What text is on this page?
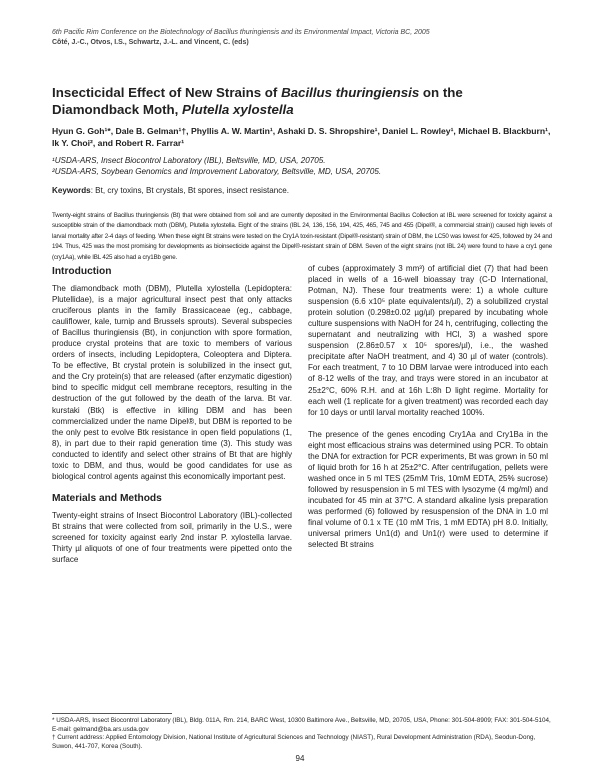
6th Pacific Rim Conference on the Biotechnology of Bacillus thuringiensis and its Environmental Impact, Victoria BC, 2005
Côté, J.-C., Otvos, I.S., Schwartz, J.-L. and Vincent, C. (eds)
Insecticidal Effect of New Strains of Bacillus thuringiensis on the Diamondback Moth, Plutella xylostella
Hyun G. Goh¹*, Dale B. Gelman¹†, Phyllis A. W. Martin¹, Ashaki D. S. Shropshire¹, Daniel L. Rowley¹, Michael B. Blackburn¹, Ik Y. Choi², and Robert R. Farrar¹
¹USDA-ARS, Insect Biocontrol Laboratory (IBL), Beltsville, MD, USA, 20705.
²USDA-ARS, Soybean Genomics and Improvement Laboratory, Beltsville, MD, USA, 20705.
Keywords: Bt, cry toxins, Bt crystals, Bt spores, insect resistance.
Twenty-eight strains of Bacillus thuringiensis (Bt) that were obtained from soil and are currently deposited in the Environmental Bacillus Collection at IBL were screened for toxicity against a susceptible strain of the diamondback moth (DBM), Plutella xylostella. Eight of the strains (IBL 24, 136, 156, 194, 425, 465, 745 and 455 (Dipel®, a commercial strain)) caused high levels of larval mortality after 2-4 days of feeding. When these eight Bt strains were tested on the Cry1A toxin-resistant (Dipel®-resistant) strain of DBM, the LC50 was lowest for 425, followed by 24 and 194. Thus, 425 was the most promising for developments as bioinsecticide against the Dipel®-resistant strain of DBM. Seven of the eight strains (not IBL 24) were found to have a cry1 gene (cry1Aa), while IBL 425 also had a cry1Bb gene.
Introduction

The diamondback moth (DBM), Plutella xylostella (Lepidoptera: Plutellidae), is a major agricultural insect pest that only attacks cruciferous plants in the family Brassicaceae (eg., cabbage, cauliflower, kale, turnip and Brussels sprouts). Several subspecies of Bacillus thuringiensis (Bt), in conjunction with spore formation, produce crystal proteins that are toxic to members of various orders of insects, including Lepidoptera, Coleoptera and Diptera. To be effective, Bt crystal protein is solubilized in the insect gut, and the Cry protein(s) that are released (after enzymatic digestion) bind to specific midgut cell membrane receptors, resulting in the destruction of the gut followed by the death of the larva. Bt var. kurstaki (Btk) is effective in killing DBM and has been commercialized under the name Dipel®, but DBM is reported to be the only pest to evolve Btk resistance in open field populations (1, 8), in part due to their rapid generation time (3). This study was conducted to identify and select other strains of Bt that are highly toxic to DBM, and thus, would be good candidates for use as biological control agents against this economically important pest.

Materials and Methods

Twenty-eight strains of Insect Biocontrol Laboratory (IBL)-collected Bt strains that were collected from soil, primarily in the U.S., were screened for toxicity against early 2nd instar P. xylostella larvae. Thirty µl aliquots of one of four treatments were pipetted onto the surface

of cubes (approximately 3 mm³) of artificial diet (7) that had been placed in wells of a 16-well bioassay tray (C-D International, Potman, NJ). These four treatments were: 1) a whole culture suspension (6.6 x10⁵ plate equivalents/µl), 2) a solubilized crystal protein solution (0.298±0.02 µg/µl) prepared by incubating whole culture suspensions with NaOH for 24 h, centrifuging, collecting the supernatant and neutralizing with HCl, 3) a washed spore suspension (2.86±0.57 x 10⁵ spores/µl), i.e., the washed precipitate after NaOH treatment, and 4) 30 µl of water (controls). For each treatment, 7 to 10 DBM larvae were introduced into each of 8-12 wells of the tray, and trays were stored in an incubator at 25±2°C, 60% R.H. and at 16h L:8h D light regime. Mortality for each well (1 replicate for a given treatment) was recorded each day for 10 days or until larval mortality reached 100%.

The presence of the genes encoding Cry1Aa and Cry1Ba in the eight most efficacious strains was determined using PCR. To obtain the DNA for extraction for PCR experiments, Bt was grown in 50 ml of liquid broth for 16 h at 25±2°C. After centrifugation, pellets were washed once in 5 ml TES (25mM Tris, 10mM EDTA, 25% sucrose) followed by resuspension in 5 ml TES with lysozyme (4 mg/ml) and incubated for 45 min at 37°C. A standard alkaline lysis preparation was performed (6) followed by resuspension of the DNA in 1.0 ml final volume of 0.1 x TE (10 mM Tris, 1 mM EDTA) pH 8.0. Initially, universal primers Un1(d) and Un1(r) were used to determine if selected Bt strains

* USDA-ARS, Insect Biocontrol Laboratory (IBL), Bldg. 011A, Rm. 214, BARC West, 10300 Baltimore Ave., Beltsville, MD, 20705, USA, Phone: 301-504-8909; FAX: 301-504-5104, E-mail: gelmand@ba.ars.usda.gov
† Current address: Applied Entomology Division, National Institute of Agricultural Sciences and Technology (NIAST), Rural Development Administration (RDA), Seodun-Dong, Suwon, 441-707, Korea (South).
94
